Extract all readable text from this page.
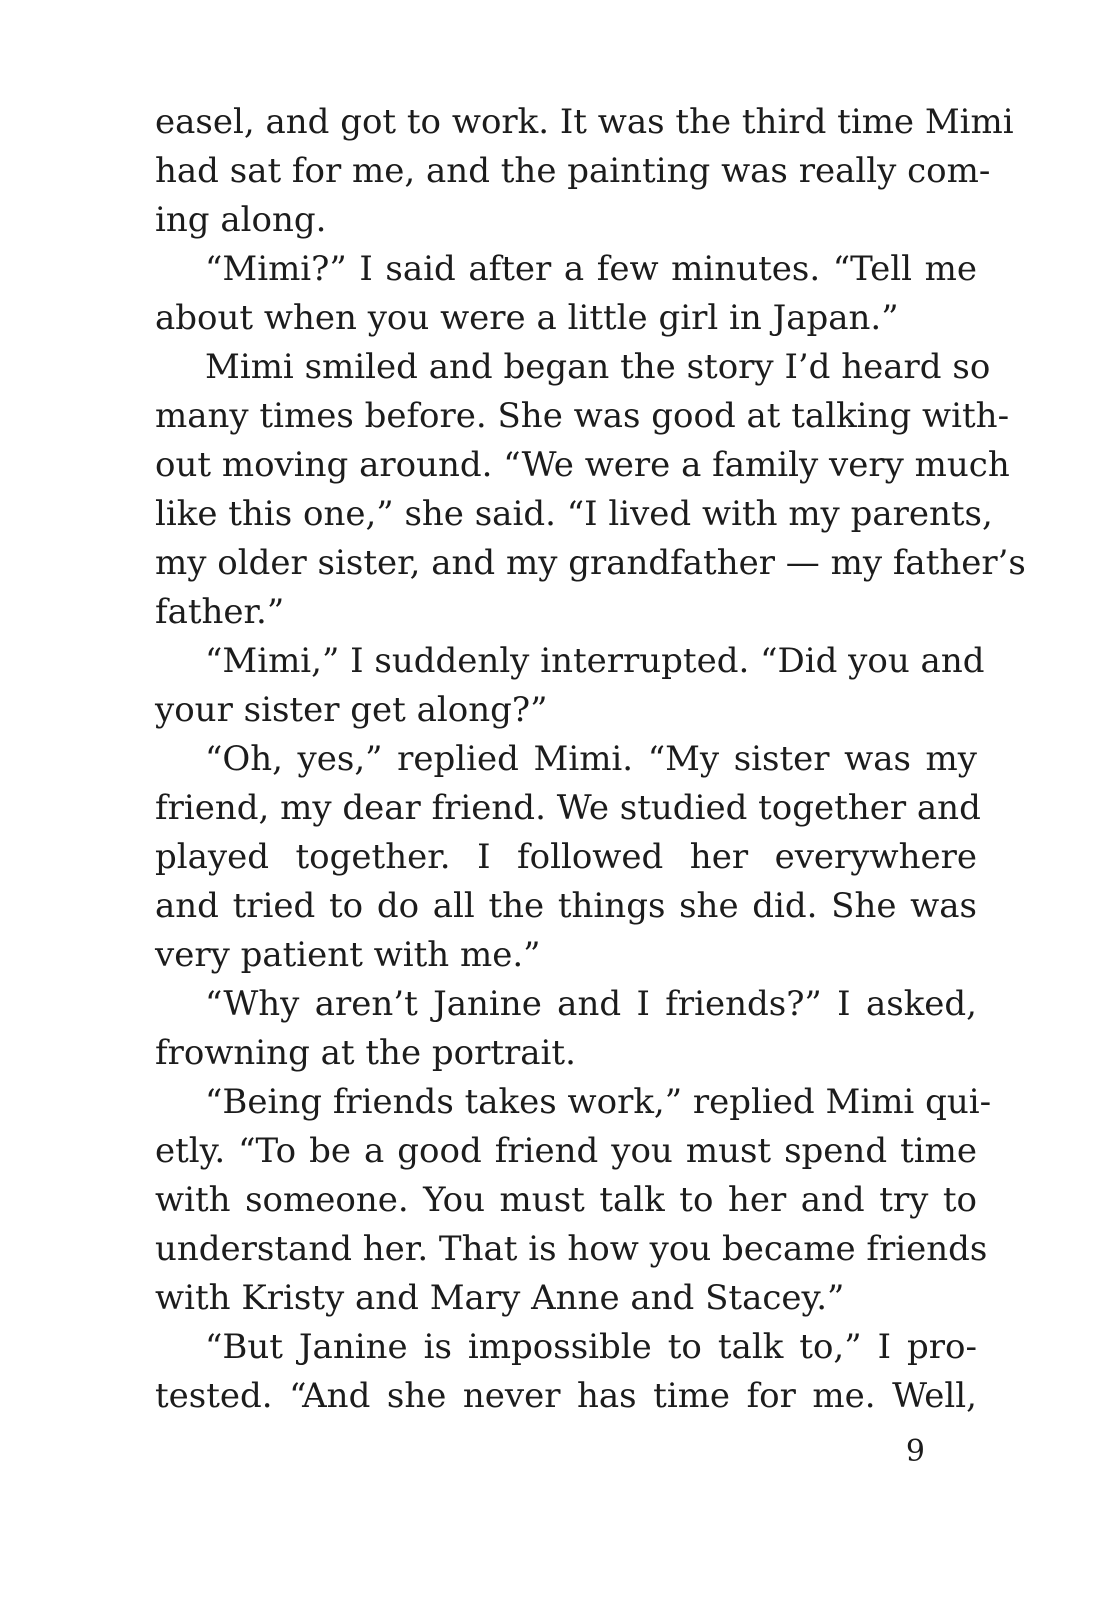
easel, and got to work. It was the third time Mimi
had sat for me, and the painting was really com-
ing along.
“Mimi?” I said after a few minutes. “Tell me
about when you were a little girl in Japan.”
Mimi smiled and began the story I’d heard so
many times before. She was good at talking with-
out moving around. “We were a family very much
like this one,” she said. “I lived with my parents,
my older sister, and my grandfather — my father’s
father.”
“Mimi,” I suddenly interrupted. “Did you and
your sister get along?”
“Oh, yes,” replied Mimi. “My sister was my
friend, my dear friend. We studied together and
played together. I followed her everywhere
and tried to do all the things she did. She was
very patient with me.”
“Why aren’t Janine and I friends?” I asked,
frowning at the portrait.
“Being friends takes work,” replied Mimi qui-
etly. “To be a good friend you must spend time
with someone. You must talk to her and try to
understand her. That is how you became friends
with Kristy and Mary Anne and Stacey.”
“But Janine is impossible to talk to,” I pro-
tested. “And she never has time for me. Well,
9
